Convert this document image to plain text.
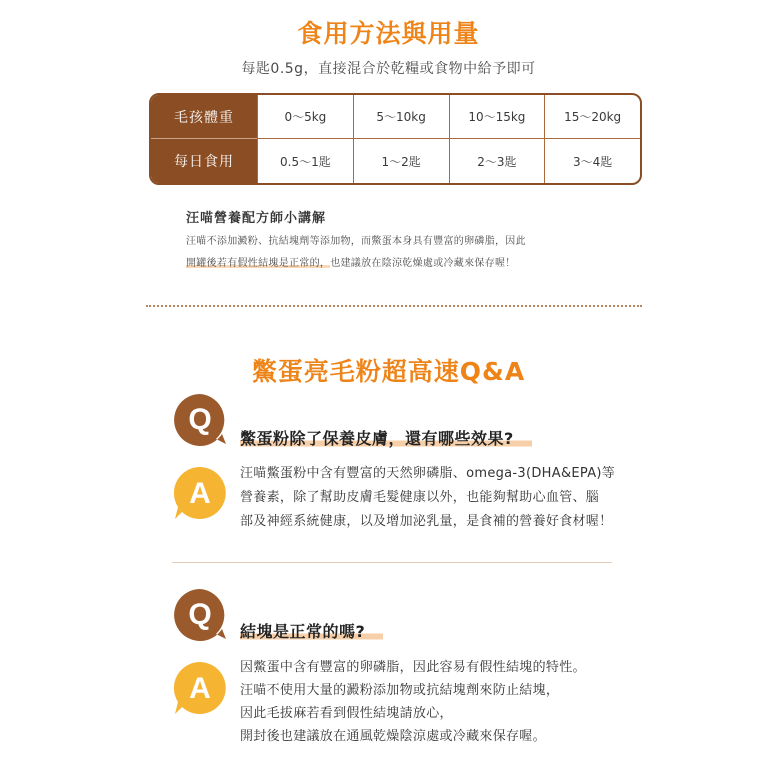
食用方法與用量
每匙0.5g，直接混合於乾糧或食物中給予即可
毛孩體重	0～5kg	5～10kg	10～15kg	15～20kg
每日食用	0.5～1匙	1～2匙	2～3匙	3～4匙
汪喵營養配方師小講解
汪喵不添加澱粉、抗結塊劑等添加物，而鱉蛋本身具有豐富的卵磷脂，因此
開罐後若有假性結塊是正常的，也建議放在陰涼乾燥處或冷藏來保存喔！
鱉蛋亮毛粉超高速Q&A
Q
鱉蛋粉除了保養皮膚，還有哪些效果?
A
汪喵鱉蛋粉中含有豐富的天然卵磷脂、omega-3(DHA&EPA)等
營養素，除了幫助皮膚毛髮健康以外，也能夠幫助心血管、腦
部及神經系統健康，以及增加泌乳量，是食補的營養好食材喔！
Q
結塊是正常的嗎?
A
因鱉蛋中含有豐富的卵磷脂，因此容易有假性結塊的特性。
汪喵不使用大量的澱粉添加物或抗結塊劑來防止結塊，
因此毛拔麻若看到假性結塊請放心，
開封後也建議放在通風乾燥陰涼處或冷藏來保存喔。
